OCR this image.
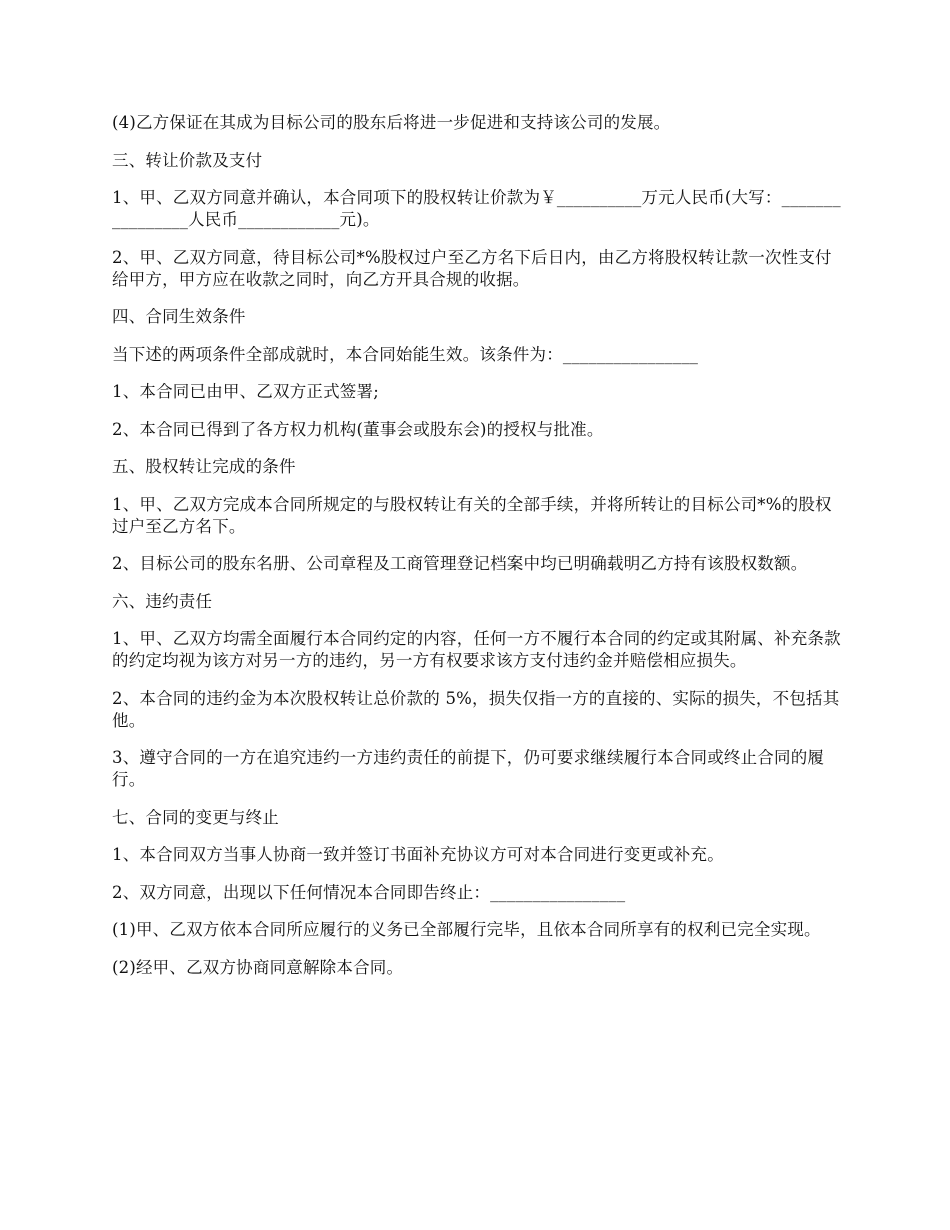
(4)乙方保证在其成为目标公司的股东后将进一步促进和支持该公司的发展。

三、转让价款及支付

1、甲、乙双方同意并确认，本合同项下的股权转让价款为￥__________万元人民币(大写：________________人民币____________元)。

2、甲、乙双方同意，待目标公司*%股权过户至乙方名下后日内，由乙方将股权转让款一次性支付给甲方，甲方应在收款之同时，向乙方开具合规的收据。

四、合同生效条件

当下述的两项条件全部成就时，本合同始能生效。该条件为：________________

1、本合同已由甲、乙双方正式签署;

2、本合同已得到了各方权力机构(董事会或股东会)的授权与批准。

五、股权转让完成的条件

1、甲、乙双方完成本合同所规定的与股权转让有关的全部手续，并将所转让的目标公司*%的股权过户至乙方名下。

2、目标公司的股东名册、公司章程及工商管理登记档案中均已明确载明乙方持有该股权数额。

六、违约责任

1、甲、乙双方均需全面履行本合同约定的内容，任何一方不履行本合同的约定或其附属、补充条款的约定均视为该方对另一方的违约，另一方有权要求该方支付违约金并赔偿相应损失。

2、本合同的违约金为本次股权转让总价款的 5%，损失仅指一方的直接的、实际的损失，不包括其他。

3、遵守合同的一方在追究违约一方违约责任的前提下，仍可要求继续履行本合同或终止合同的履行。

七、合同的变更与终止

1、本合同双方当事人协商一致并签订书面补充协议方可对本合同进行变更或补充。

2、双方同意，出现以下任何情况本合同即告终止：________________

(1)甲、乙双方依本合同所应履行的义务已全部履行完毕，且依本合同所享有的权利已完全实现。

(2)经甲、乙双方协商同意解除本合同。
